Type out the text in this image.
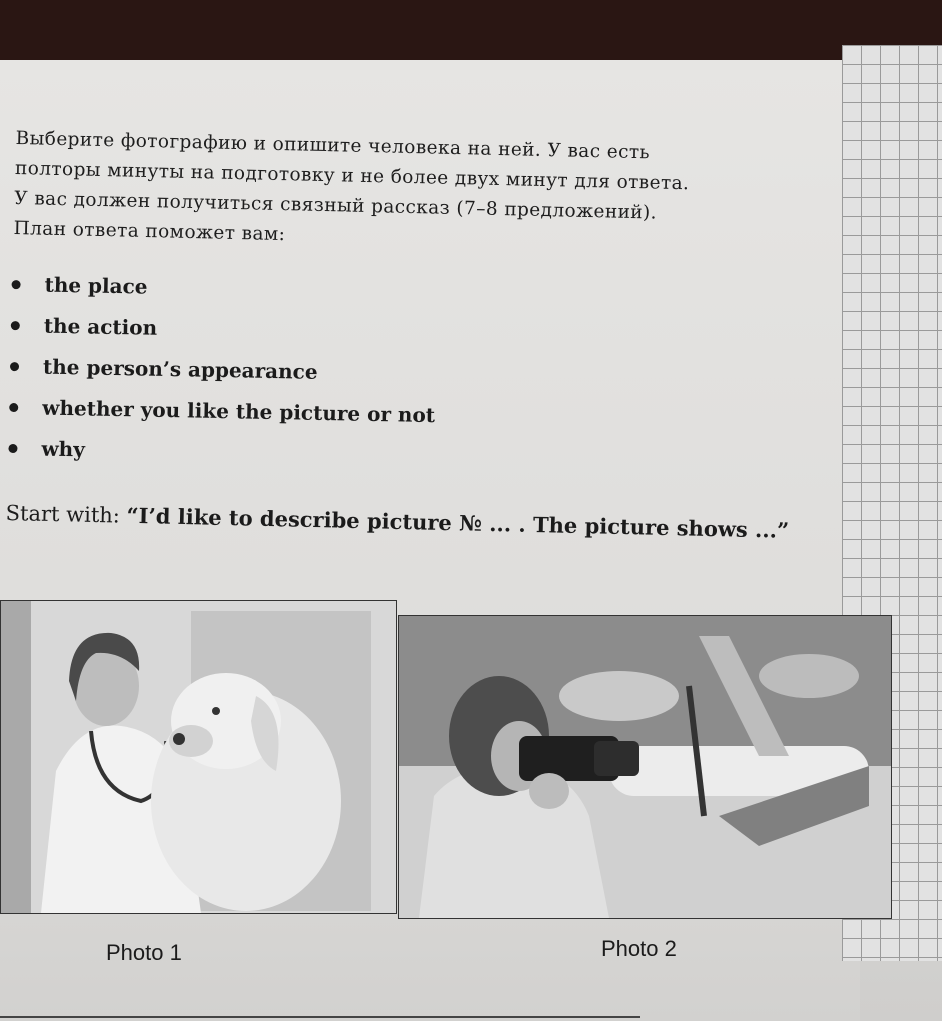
Выберите фотографию и опишите человека на ней. У вас есть
полторы минуты на подготовку и не более двух минут для ответа.
У вас должен получиться связный рассказ (7–8 предложений).
План ответа поможет вам:
the place
the action
the person’s appearance
whether you like the picture or not
why
Start with: “I’d like to describe picture № ... . The picture shows ...”
Photo 1	Photo 2
